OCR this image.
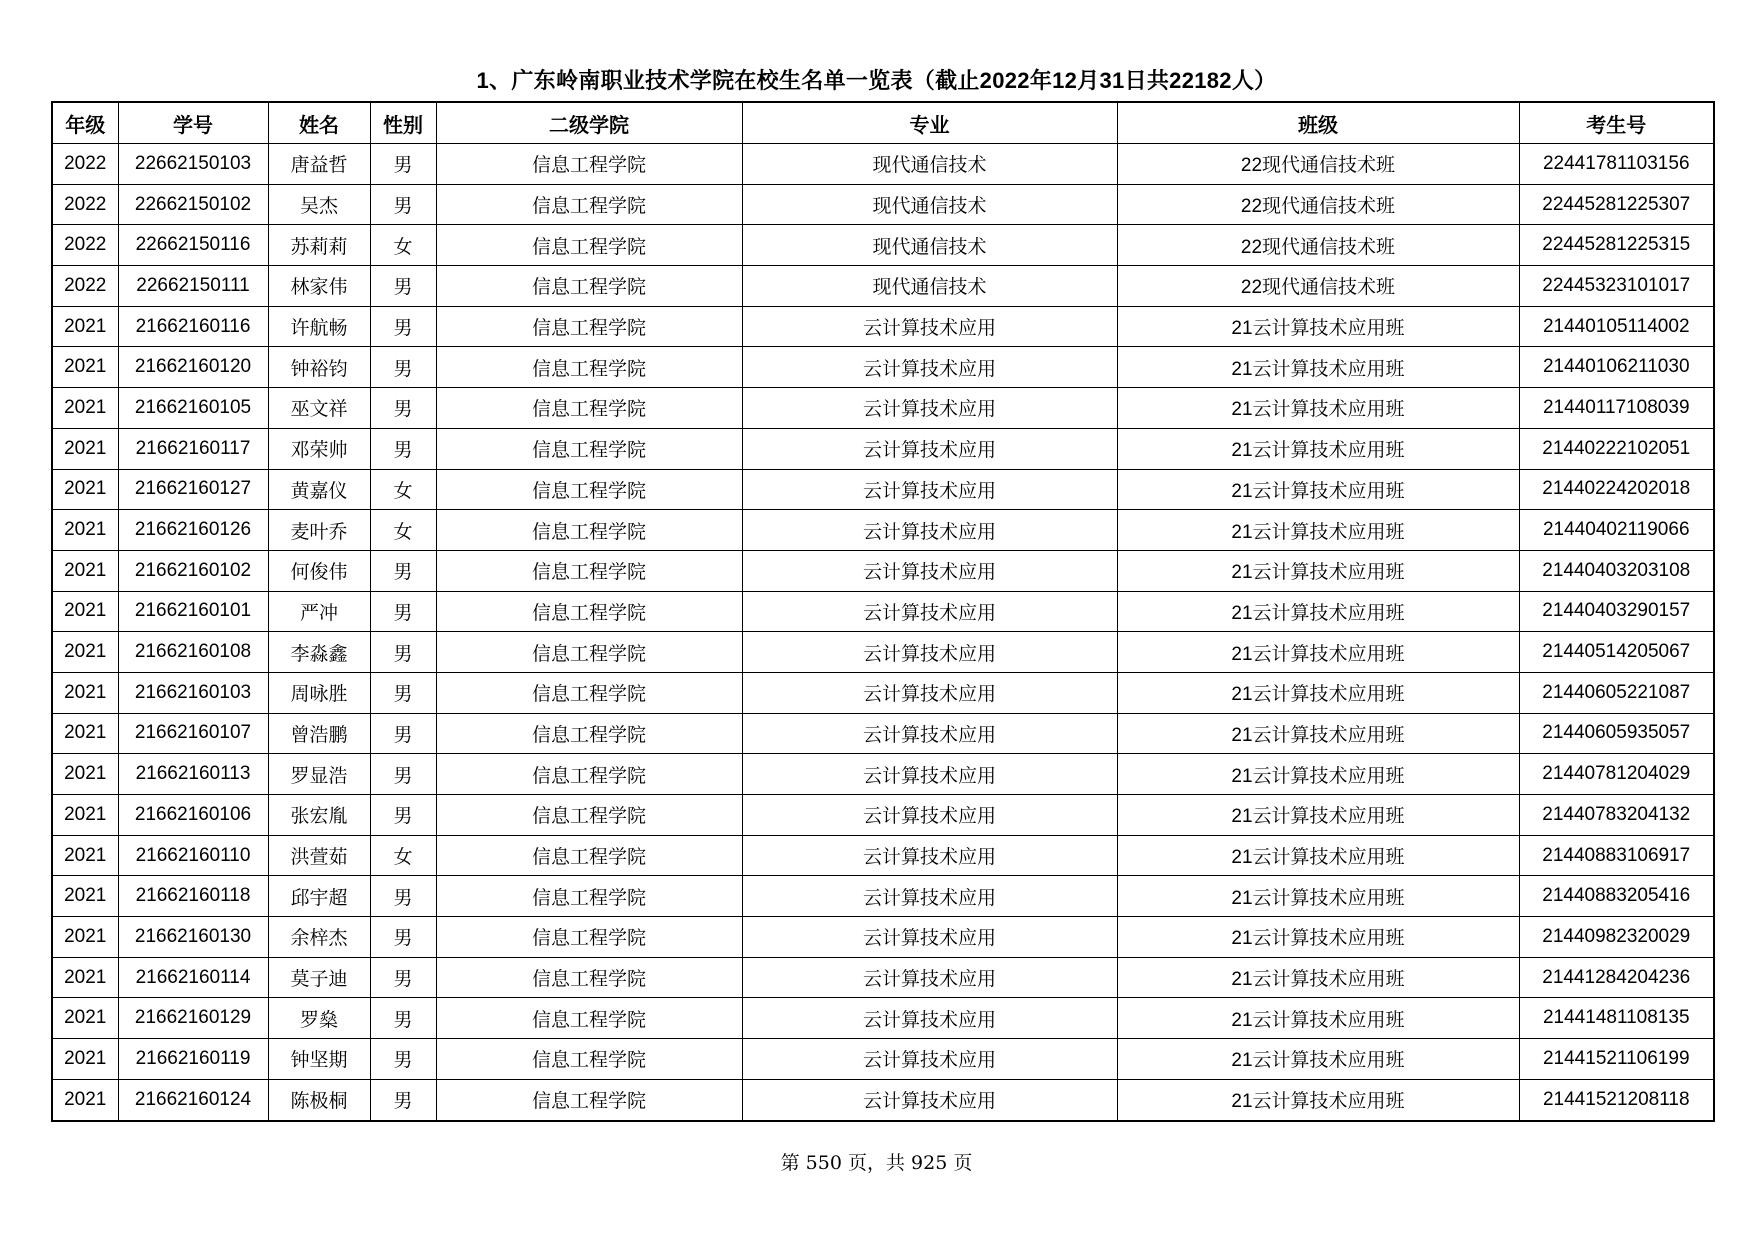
1、广东岭南职业技术学院在校生名单一览表（截止2022年12月31日共22182人）
年级	学号	姓名	性别	二级学院	专业	班级	考生号
2022	22662150103	唐益哲	男	信息工程学院	现代通信技术	22现代通信技术班	22441781103156
2022	22662150102	吴杰	男	信息工程学院	现代通信技术	22现代通信技术班	22445281225307
2022	22662150116	苏莉莉	女	信息工程学院	现代通信技术	22现代通信技术班	22445281225315
2022	22662150111	林家伟	男	信息工程学院	现代通信技术	22现代通信技术班	22445323101017
2021	21662160116	许航畅	男	信息工程学院	云计算技术应用	21云计算技术应用班	21440105114002
2021	21662160120	钟裕钧	男	信息工程学院	云计算技术应用	21云计算技术应用班	21440106211030
2021	21662160105	巫文祥	男	信息工程学院	云计算技术应用	21云计算技术应用班	21440117108039
2021	21662160117	邓荣帅	男	信息工程学院	云计算技术应用	21云计算技术应用班	21440222102051
2021	21662160127	黄嘉仪	女	信息工程学院	云计算技术应用	21云计算技术应用班	21440224202018
2021	21662160126	麦叶乔	女	信息工程学院	云计算技术应用	21云计算技术应用班	21440402119066
2021	21662160102	何俊伟	男	信息工程学院	云计算技术应用	21云计算技术应用班	21440403203108
2021	21662160101	严冲	男	信息工程学院	云计算技术应用	21云计算技术应用班	21440403290157
2021	21662160108	李淼鑫	男	信息工程学院	云计算技术应用	21云计算技术应用班	21440514205067
2021	21662160103	周咏胜	男	信息工程学院	云计算技术应用	21云计算技术应用班	21440605221087
2021	21662160107	曾浩鹏	男	信息工程学院	云计算技术应用	21云计算技术应用班	21440605935057
2021	21662160113	罗显浩	男	信息工程学院	云计算技术应用	21云计算技术应用班	21440781204029
2021	21662160106	张宏胤	男	信息工程学院	云计算技术应用	21云计算技术应用班	21440783204132
2021	21662160110	洪萱茹	女	信息工程学院	云计算技术应用	21云计算技术应用班	21440883106917
2021	21662160118	邱宇超	男	信息工程学院	云计算技术应用	21云计算技术应用班	21440883205416
2021	21662160130	余梓杰	男	信息工程学院	云计算技术应用	21云计算技术应用班	21440982320029
2021	21662160114	莫子迪	男	信息工程学院	云计算技术应用	21云计算技术应用班	21441284204236
2021	21662160129	罗燊	男	信息工程学院	云计算技术应用	21云计算技术应用班	21441481108135
2021	21662160119	钟坚期	男	信息工程学院	云计算技术应用	21云计算技术应用班	21441521106199
2021	21662160124	陈极桐	男	信息工程学院	云计算技术应用	21云计算技术应用班	21441521208118
第 550 页，共 925 页
